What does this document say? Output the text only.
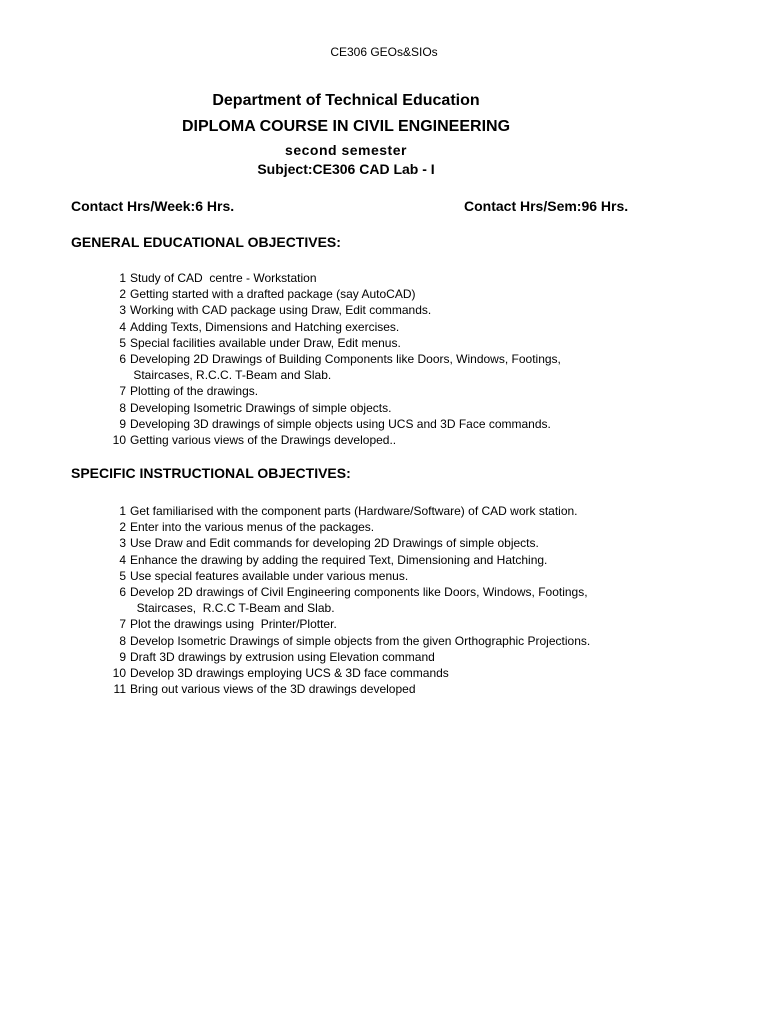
CE306 GEOs&SIOs
Department of Technical Education
DIPLOMA COURSE IN CIVIL ENGINEERING
second semester
Subject:CE306 CAD Lab - I
Contact Hrs/Week:6 Hrs.	Contact Hrs/Sem:96 Hrs.
GENERAL EDUCATIONAL OBJECTIVES:
1 Study of CAD  centre - Workstation
2 Getting started with a drafted package (say AutoCAD)
3 Working with CAD package using Draw, Edit commands.
4 Adding Texts, Dimensions and Hatching exercises.
5 Special facilities available under Draw, Edit menus.
6 Developing 2D Drawings of Building Components like Doors, Windows, Footings,
Staircases, R.C.C. T-Beam and Slab.
7 Plotting of the drawings.
8 Developing Isometric Drawings of simple objects.
9 Developing 3D drawings of simple objects using UCS and 3D Face commands.
10 Getting various views of the Drawings developed..
SPECIFIC INSTRUCTIONAL OBJECTIVES:
1 Get familiarised with the component parts (Hardware/Software) of CAD work station.
2 Enter into the various menus of the packages.
3 Use Draw and Edit commands for developing 2D Drawings of simple objects.
4 Enhance the drawing by adding the required Text, Dimensioning and Hatching.
5 Use special features available under various menus.
6 Develop 2D drawings of Civil Engineering components like Doors, Windows, Footings,
Staircases,  R.C.C T-Beam and Slab.
7 Plot the drawings using  Printer/Plotter.
8 Develop Isometric Drawings of simple objects from the given Orthographic Projections.
9 Draft 3D drawings by extrusion using Elevation command
10 Develop 3D drawings employing UCS & 3D face commands
11 Bring out various views of the 3D drawings developed
